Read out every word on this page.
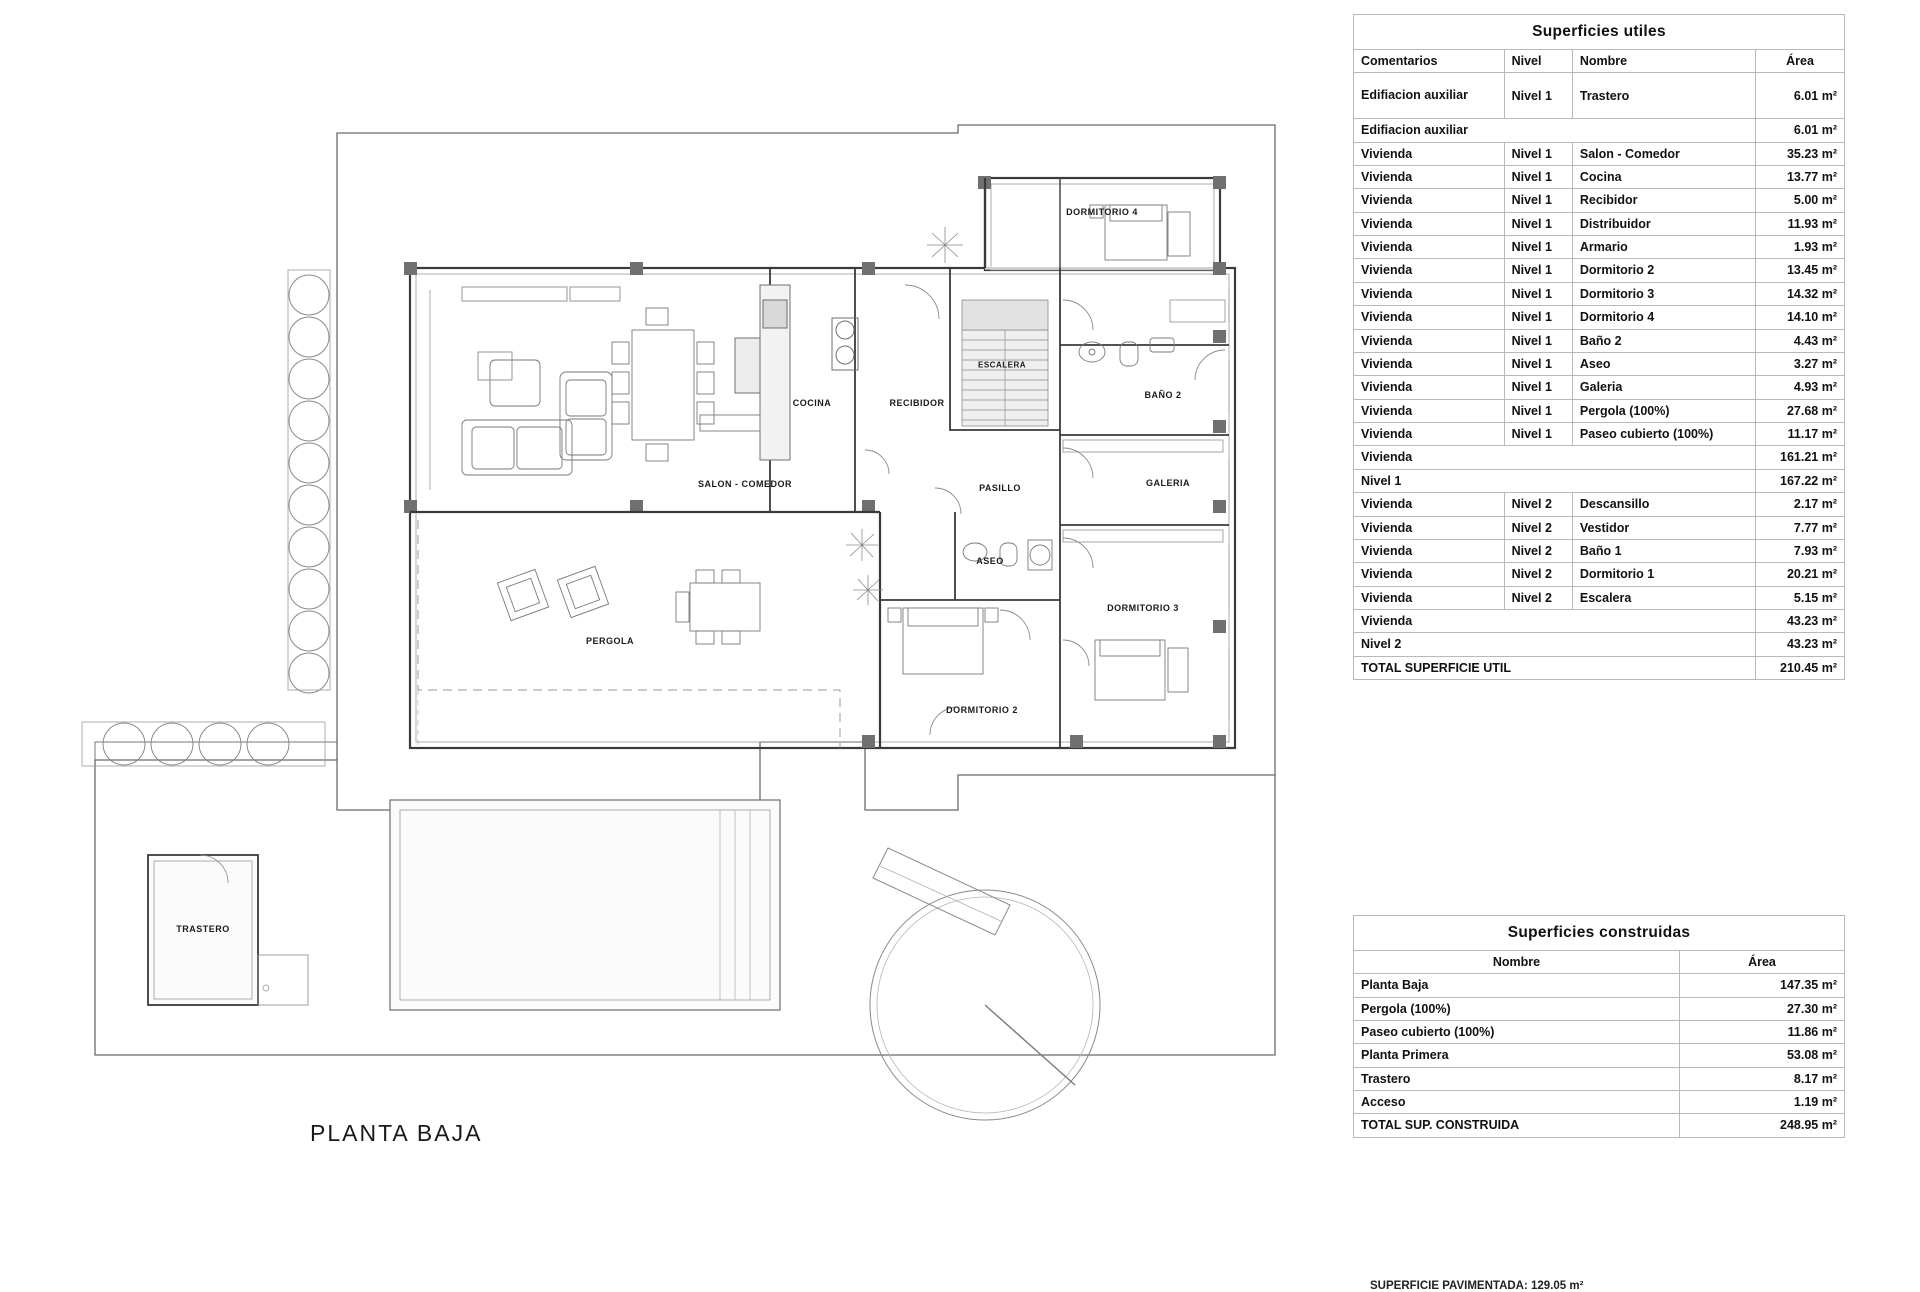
DORMITORIO 4
COCINA	RECIBIDOR
ESCALERA
BAÑO 2
GALERIA
SALON - COMEDOR	PASILLO
ASEO
DORMITORIO 3
PERGOLA
DORMITORIO 2
TRASTERO
PLANTA BAJA
Superficies utiles			
Comentarios	Nivel	Nombre	Área
Edifiacion auxiliar	Nivel 1	Trastero	6.01 m²
Edifiacion auxiliar			6.01 m²
Vivienda	Nivel 1	Salon - Comedor	35.23 m²
Vivienda	Nivel 1	Cocina	13.77 m²
Vivienda	Nivel 1	Recibidor	5.00 m²
Vivienda	Nivel 1	Distribuidor	11.93 m²
Vivienda	Nivel 1	Armario	1.93 m²
Vivienda	Nivel 1	Dormitorio 2	13.45 m²
Vivienda	Nivel 1	Dormitorio 3	14.32 m²
Vivienda	Nivel 1	Dormitorio 4	14.10 m²
Vivienda	Nivel 1	Baño 2	4.43 m²
Vivienda	Nivel 1	Aseo	3.27 m²
Vivienda	Nivel 1	Galeria	4.93 m²
Vivienda	Nivel 1	Pergola (100%)	27.68 m²
Vivienda	Nivel 1	Paseo cubierto (100%)	11.17 m²
Vivienda			161.21 m²
Nivel 1			167.22 m²
Vivienda	Nivel 2	Descansillo	2.17 m²
Vivienda	Nivel 2	Vestidor	7.77 m²
Vivienda	Nivel 2	Baño 1	7.93 m²
Vivienda	Nivel 2	Dormitorio 1	20.21 m²
Vivienda	Nivel 2	Escalera	5.15 m²
Vivienda			43.23 m²
Nivel 2			43.23 m²
TOTAL SUPERFICIE UTIL			210.45 m²
Superficies construidas	
Nombre	Área
Planta Baja	147.35 m²
Pergola (100%)	27.30 m²
Paseo cubierto (100%)	11.86 m²
Planta Primera	53.08 m²
Trastero	8.17 m²
Acceso	1.19 m²
TOTAL SUP. CONSTRUIDA	248.95 m²
SUPERFICIE PAVIMENTADA: 129.05 m²
